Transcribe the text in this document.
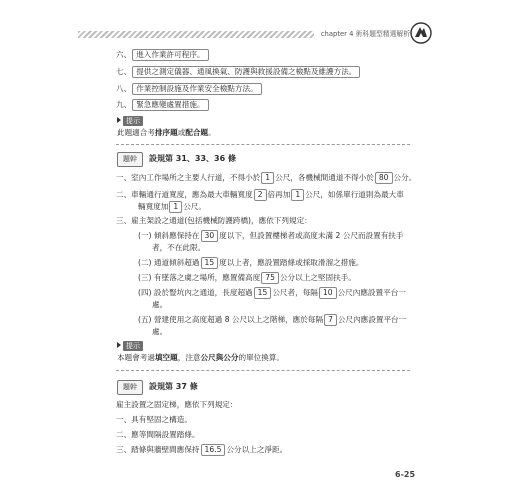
chapter 4 術科題型精選解析
六、 進入作業許可程序。
七、 提供之測定儀器、通風換氣、防護與救援設備之檢點及維護方法。
八、 作業控制設施及作業安全檢點方法。
九、 緊急應變處置措施。
提示
此題適合考排序題或配合題。
題幹 設規第 31、33、36 條
一、室內工作場所之主要人行道，不得小於 1 公尺，各機械間通道不得小於 80 公分。
二、車輛通行道寬度，應為最大車輛寬度 2 倍再加 1 公尺，如係單行道則為最大車
輛寬度加 1 公尺。
三、雇主架設之通道(包括機械防護跨橋)，應依下列規定：
(一) 傾斜應保持在 30 度以下，但設置樓梯者或高度未滿 2 公尺而設置有扶手
者，不在此限。
(二) 通道傾斜超過 15 度以上者，應設置踏條或採取滑溜之措施。
(三) 有墜落之虞之場所，應置備高度 75 公分以上之堅固扶手。
(四) 設於豎坑內之通道，長度超過 15 公尺者，每隔 10 公尺內應設置平台一
處。
(五) 營建使用之高度超過 8 公尺以上之階梯，應於每隔 7 公尺內應設置平台一
處。
提示
本題會考過填空題，注意公尺與公分的單位換算。
題幹 設規第 37 條
雇主設置之固定梯，應依下列規定：
一、具有堅固之構造。
二、應等間隔設置踏條。
三、踏條與牆壁間應保持 16.5 公分以上之淨距。
6-25
